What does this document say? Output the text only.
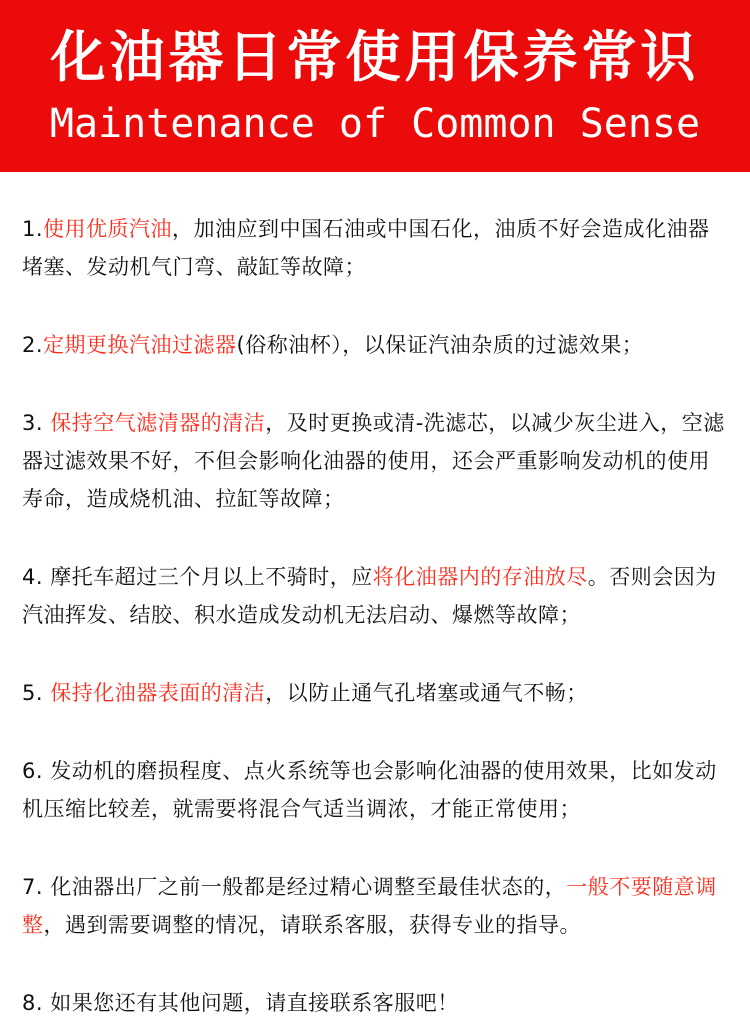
化油器日常使用保养常识
Maintenance of Common Sense

1.使用优质汽油，加油应到中国石油或中国石化，油质不好会造成化油器堵塞、发动机气门弯、敲缸等故障；

2.定期更换汽油过滤器(俗称油杯），以保证汽油杂质的过滤效果；

3. 保持空气滤清器的清洁，及时更换或清-洗滤芯，以减少灰尘进入，空滤器过滤效果不好，不但会影响化油器的使用，还会严重影响发动机的使用寿命，造成烧机油、拉缸等故障；

4. 摩托车超过三个月以上不骑时，应将化油器内的存油放尽。否则会因为汽油挥发、结胶、积水造成发动机无法启动、爆燃等故障；

5. 保持化油器表面的清洁，以防止通气孔堵塞或通气不畅；

6. 发动机的磨损程度、点火系统等也会影响化油器的使用效果，比如发动机压缩比较差，就需要将混合气适当调浓，才能正常使用；

7. 化油器出厂之前一般都是经过精心调整至最佳状态的，一般不要随意调整，遇到需要调整的情况，请联系客服，获得专业的指导。

8. 如果您还有其他问题，请直接联系客服吧！
